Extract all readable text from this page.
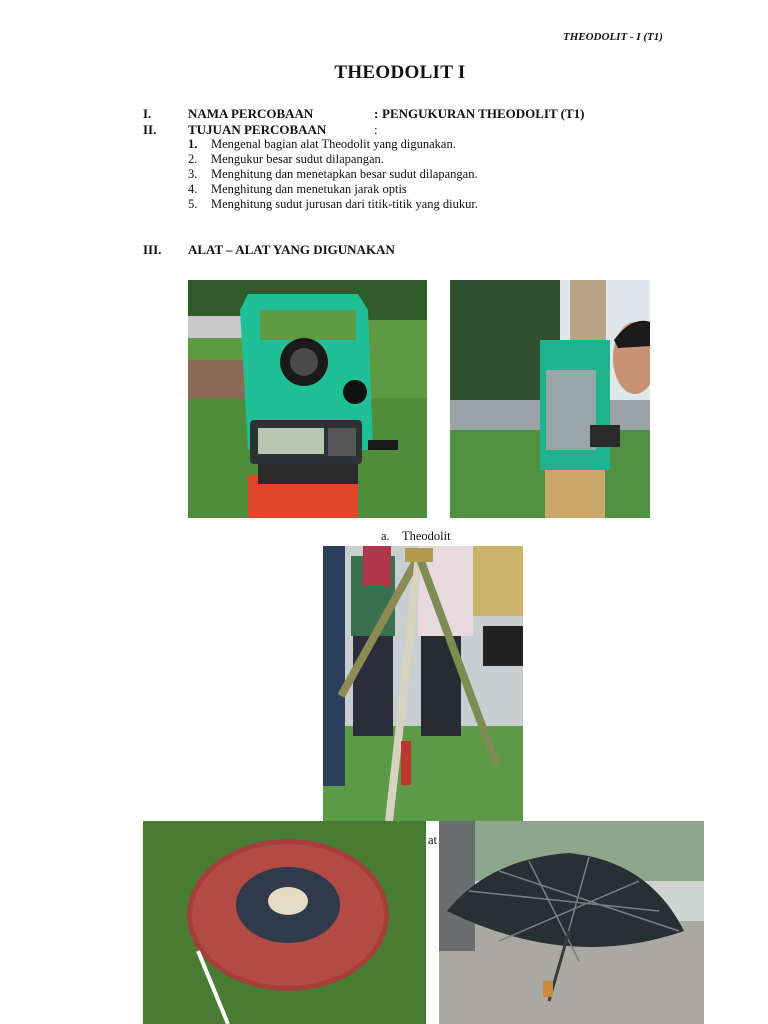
THEODOLIT - I (T1)
THEODOLIT I
I.	NAMA PERCOBAAN	: PENGUKURAN THEODOLIT (T1)
II. TUJUAN PERCOBAAN	:
1. Mengenal bagian alat Theodolit yang digunakan.
2. Mengukur besar sudut dilapangan.
3. Menghitung dan menetapkan besar sudut dilapangan.
4. Menghitung dan menetukan jarak optis
5. Menghitung sudut jurusan dari titik-titik yang diukur.
III. ALAT – ALAT YANG DIGUNAKAN
a. Theodolit
at
